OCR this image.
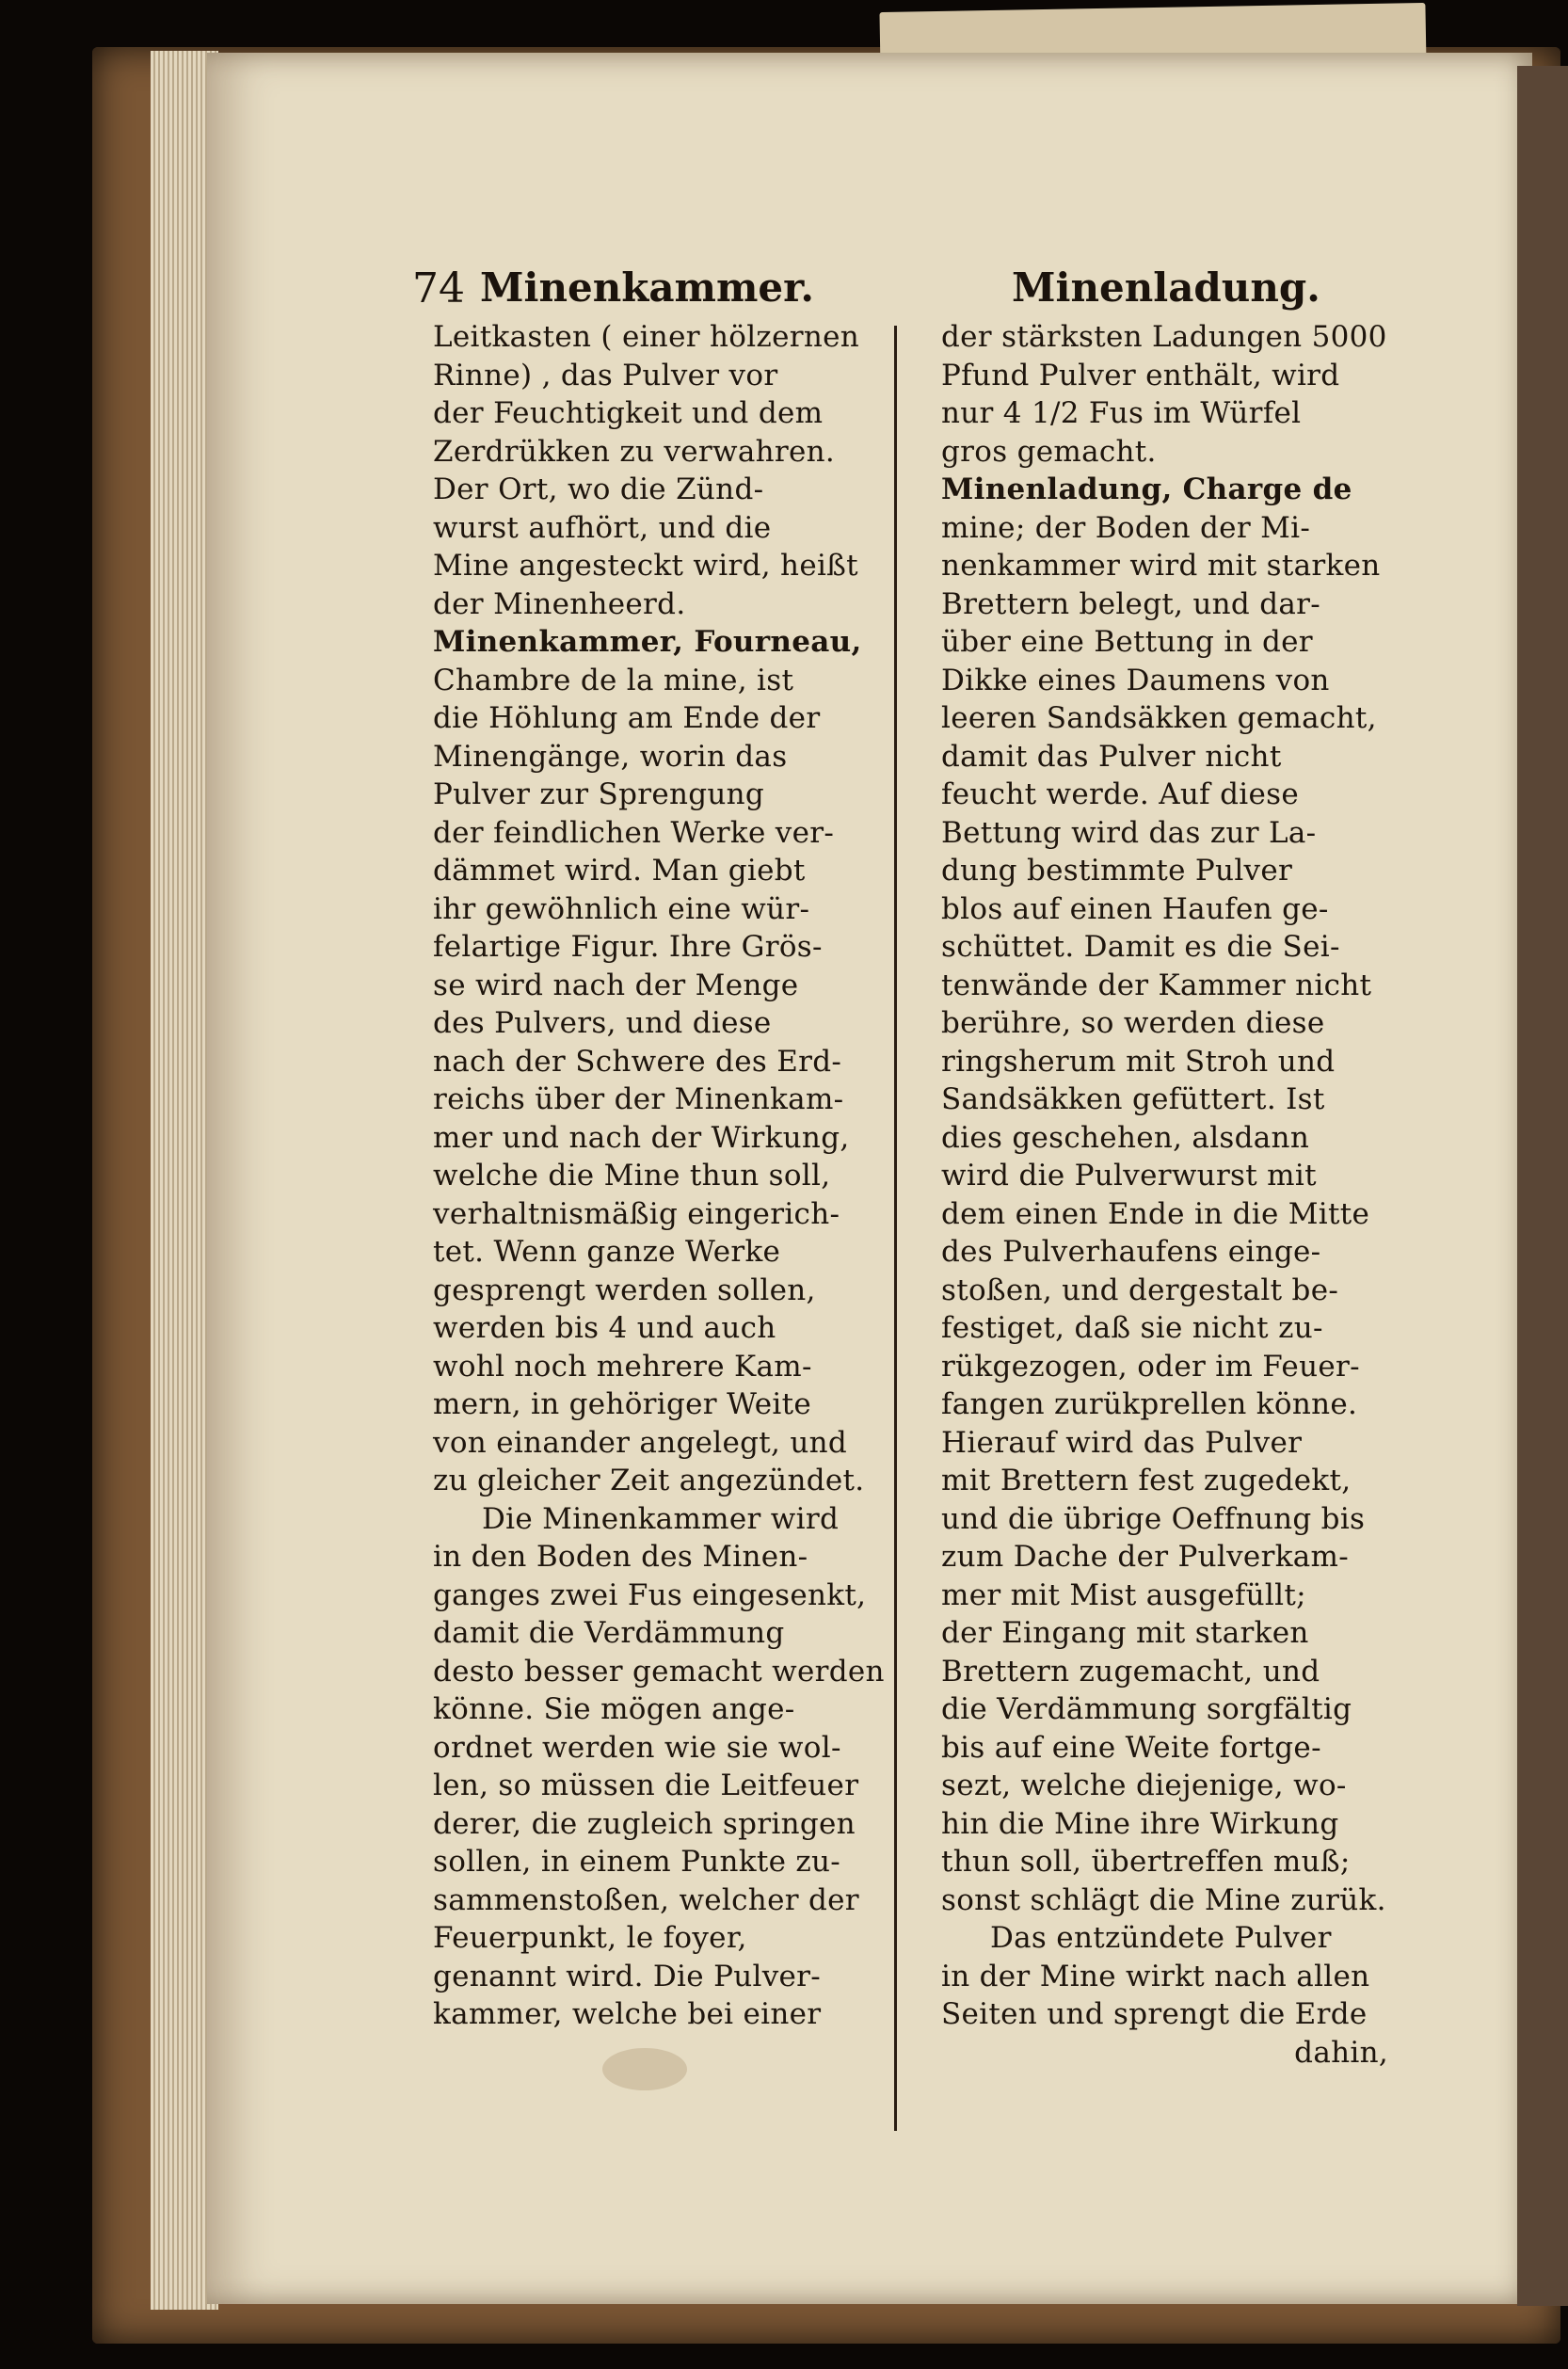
74 Minenkammer.	Minenladung.
Leitkasten ( einer hölzernen
Rinne) , das Pulver vor
der Feuchtigkeit und dem
Zerdrükken zu verwahren.
Der Ort, wo die Zünd-
wurst aufhört, und die
Mine angesteckt wird, heißt
der Minenheerd.
Minenkammer, Fourneau,
Chambre de la mine, ist
die Höhlung am Ende der
Minengänge, worin das
Pulver zur Sprengung
der feindlichen Werke ver-
dämmet wird. Man giebt
ihr gewöhnlich eine wür-
felartige Figur. Ihre Grös-
se wird nach der Menge
des Pulvers, und diese
nach der Schwere des Erd-
reichs über der Minenkam-
mer und nach der Wirkung,
welche die Mine thun soll,
verhaltnismäßig eingerich-
tet. Wenn ganze Werke
gesprengt werden sollen,
werden bis 4 und auch
wohl noch mehrere Kam-
mern, in gehöriger Weite
von einander angelegt, und
zu gleicher Zeit angezündet.
Die Minenkammer wird
in den Boden des Minen-
ganges zwei Fus eingesenkt,
damit die Verdämmung
desto besser gemacht werden
könne. Sie mögen ange-
ordnet werden wie sie wol-
len, so müssen die Leitfeuer
derer, die zugleich springen
sollen, in einem Punkte zu-
sammenstoßen, welcher der
Feuerpunkt, le foyer,
genannt wird. Die Pulver-
kammer, welche bei einer
der stärksten Ladungen 5000
Pfund Pulver enthält, wird
nur 4 1/2 Fus im Würfel
gros gemacht.
Minenladung, Charge de
mine; der Boden der Mi-
nenkammer wird mit starken
Brettern belegt, und dar-
über eine Bettung in der
Dikke eines Daumens von
leeren Sandsäkken gemacht,
damit das Pulver nicht
feucht werde. Auf diese
Bettung wird das zur La-
dung bestimmte Pulver
blos auf einen Haufen ge-
schüttet. Damit es die Sei-
tenwände der Kammer nicht
berühre, so werden diese
ringsherum mit Stroh und
Sandsäkken gefüttert. Ist
dies geschehen, alsdann
wird die Pulverwurst mit
dem einen Ende in die Mitte
des Pulverhaufens einge-
stoßen, und dergestalt be-
festiget, daß sie nicht zu-
rükgezogen, oder im Feuer-
fangen zurükprellen könne.
Hierauf wird das Pulver
mit Brettern fest zugedekt,
und die übrige Oeffnung bis
zum Dache der Pulverkam-
mer mit Mist ausgefüllt;
der Eingang mit starken
Brettern zugemacht, und
die Verdämmung sorgfältig
bis auf eine Weite fortge-
sezt, welche diejenige, wo-
hin die Mine ihre Wirkung
thun soll, übertreffen muß;
sonst schlägt die Mine zurük.
Das entzündete Pulver
in der Mine wirkt nach allen
Seiten und sprengt die Erde
dahin,
